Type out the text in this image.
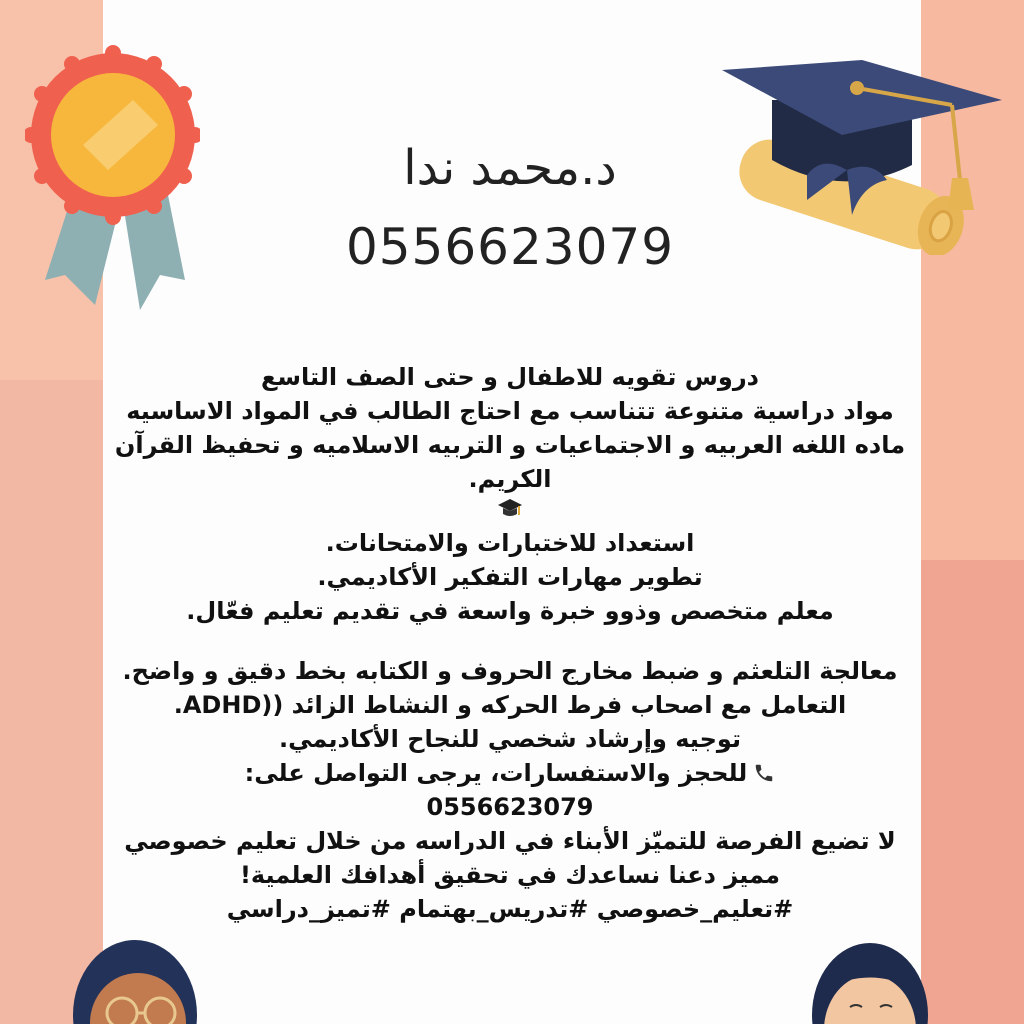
د.محمد ندا
0556623079
دروس تقويه للاطفال و حتى الصف التاسع
مواد دراسية متنوعة تتناسب مع احتاج الطالب في المواد الاساسيه
ماده اللغه العربيه و الاجتماعيات و التربيه الاسلاميه و تحفيظ القرآن
الكريم.
استعداد للاختبارات والامتحانات.
تطوير مهارات التفكير الأكاديمي.
معلم متخصص وذوو خبرة واسعة في تقديم تعليم فعّال.
معالجة التلعثم و ضبط مخارج الحروف و الكتابه بخط دقيق و واضح.
التعامل مع اصحاب فرط الحركه و النشاط الزائد ((ADHD.
توجيه وإرشاد شخصي للنجاح الأكاديمي.
للحجز والاستفسارات، يرجى التواصل على:
0556623079
لا تضيع الفرصة للتميّز الأبناء في الدراسه من خلال تعليم خصوصي
مميز دعنا نساعدك في تحقيق أهدافك العلمية!
#تعليم_خصوصي #تدريس_بهتمام #تميز_دراسي
